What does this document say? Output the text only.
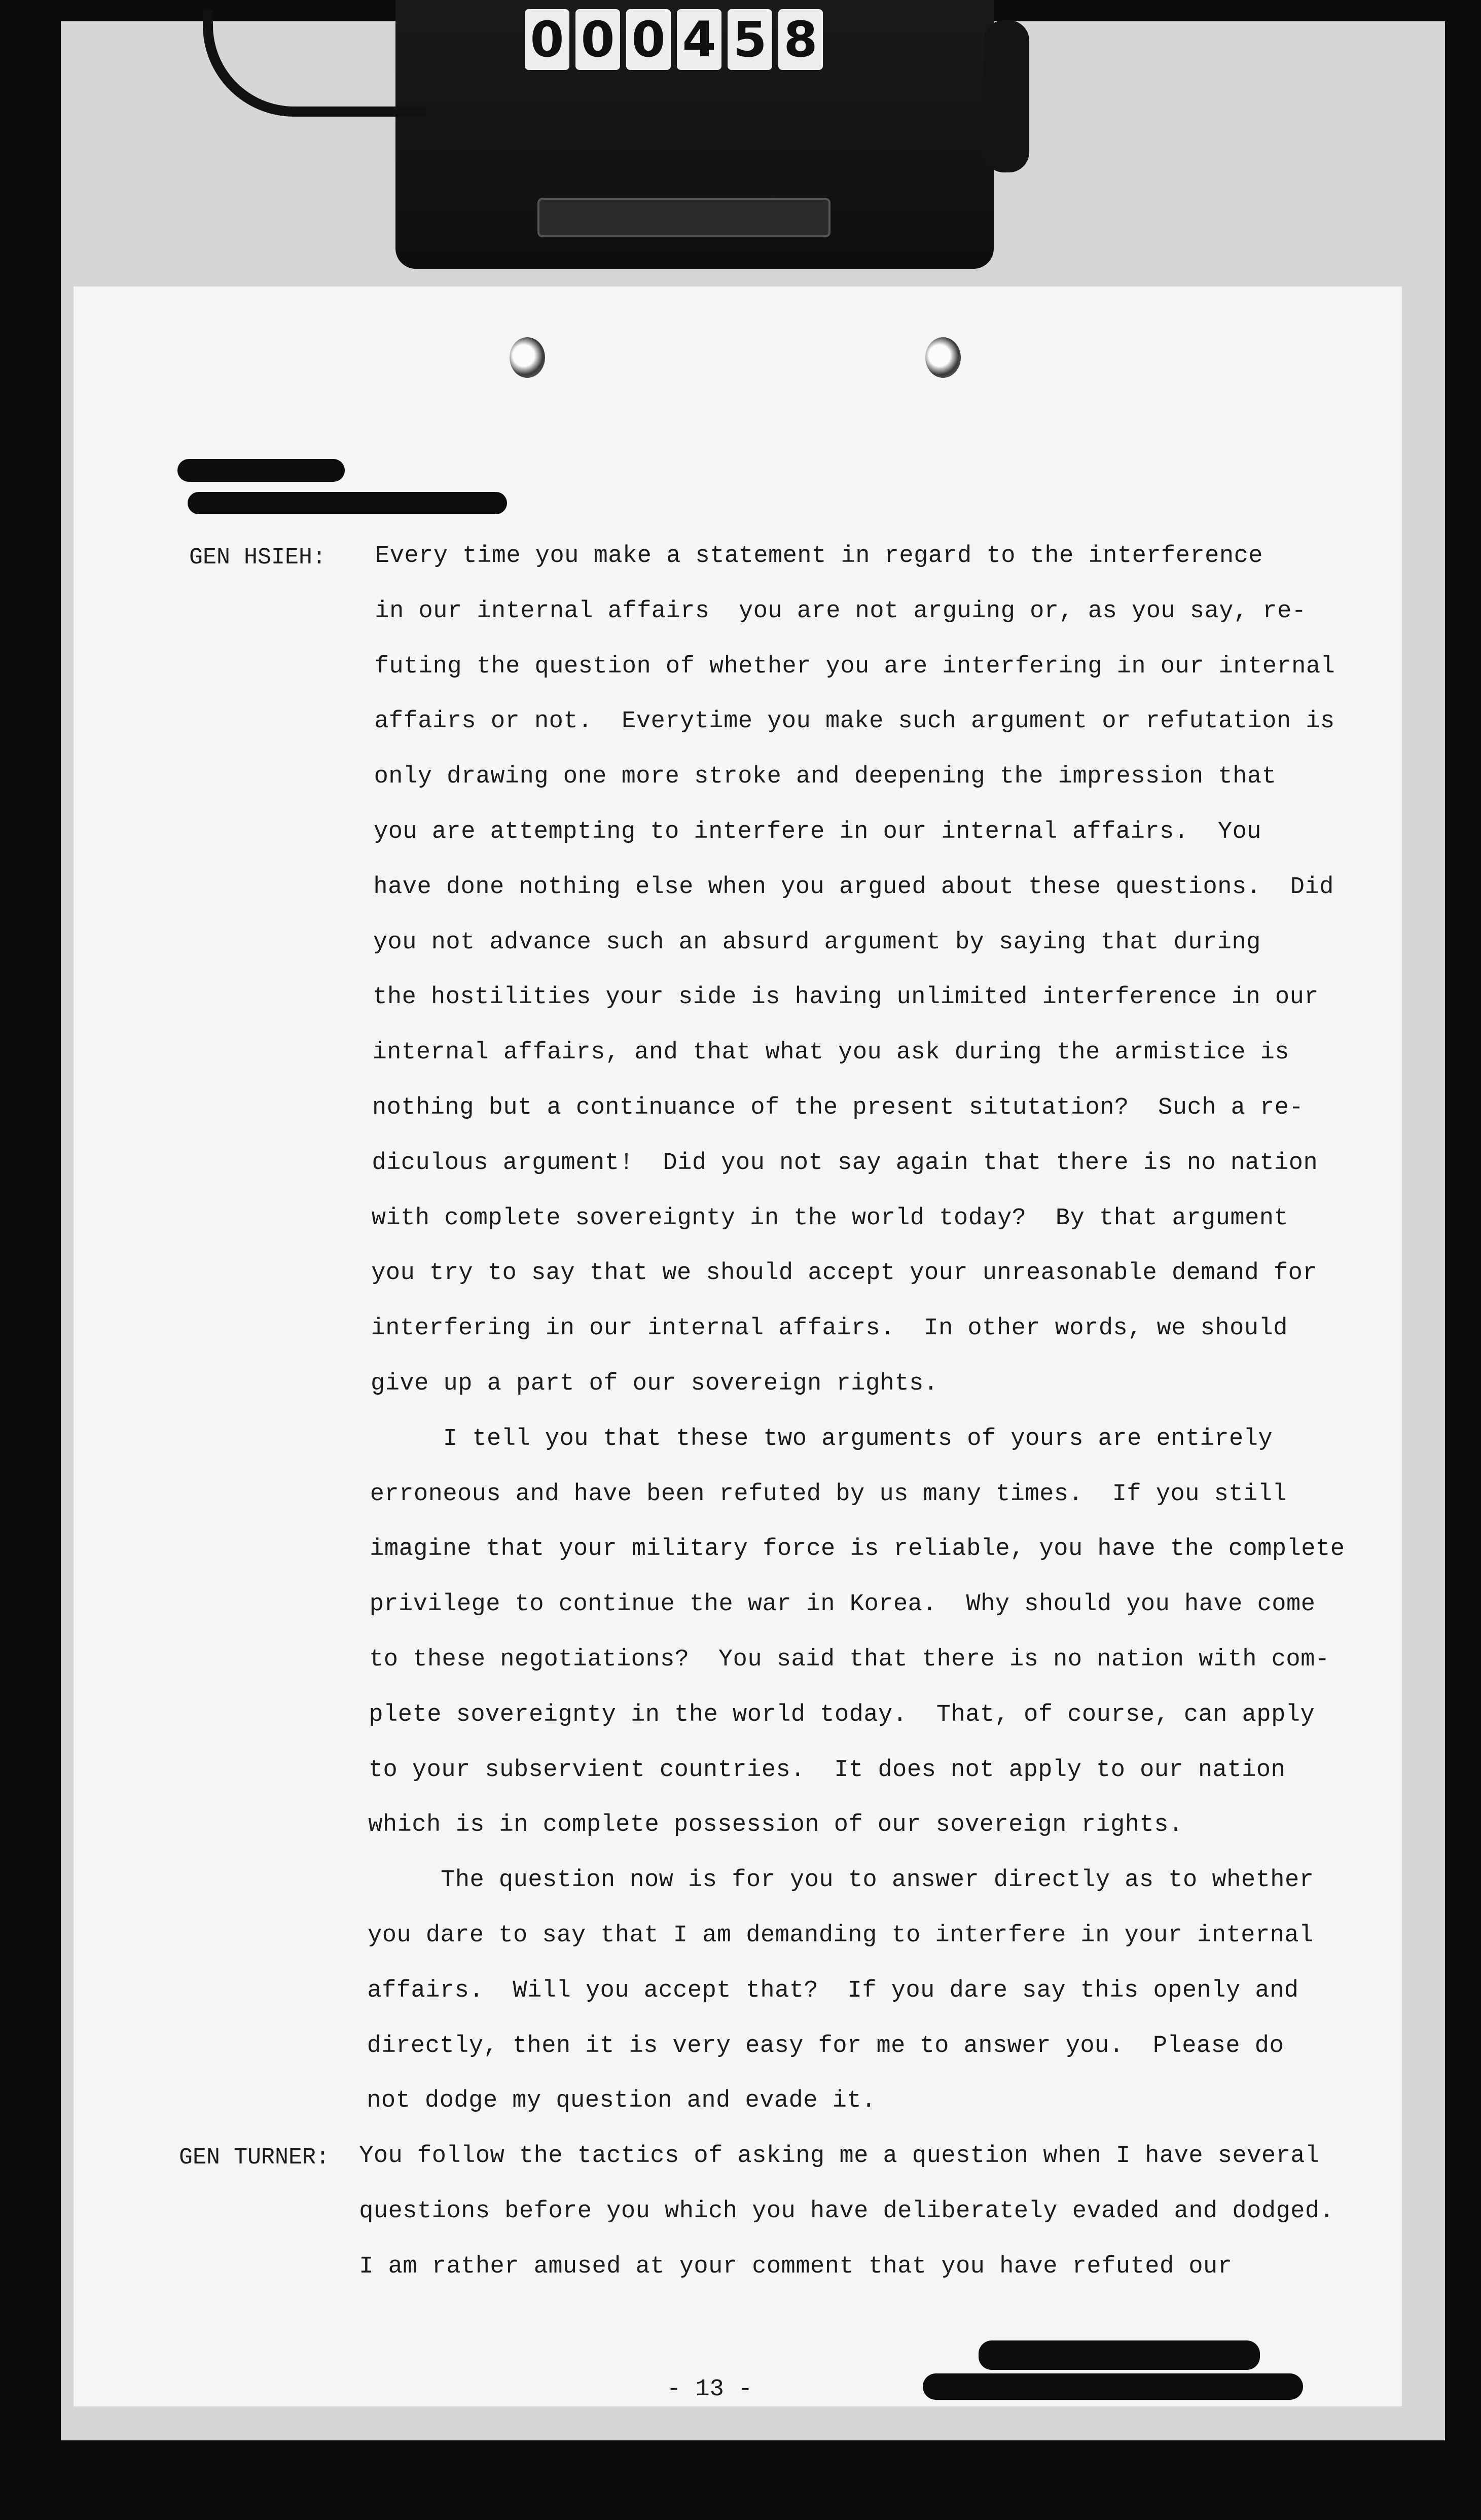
0 0 0 4 5 8
GEN HSIEH: Every time you make a statement in regard to the interference
in our internal affairs  you are not arguing or, as you say, re-
futing the question of whether you are interfering in our internal
affairs or not.  Everytime you make such argument or refutation is
only drawing one more stroke and deepening the impression that
you are attempting to interfere in our internal affairs.  You
have done nothing else when you argued about these questions.  Did
you not advance such an absurd argument by saying that during
the hostilities your side is having unlimited interference in our
internal affairs, and that what you ask during the armistice is
nothing but a continuance of the present situtation?  Such a re-
diculous argument!  Did you not say again that there is no nation
with complete sovereignty in the world today?  By that argument
you try to say that we should accept your unreasonable demand for
interfering in our internal affairs.  In other words, we should
give up a part of our sovereign rights.
I tell you that these two arguments of yours are entirely
erroneous and have been refuted by us many times.  If you still
imagine that your military force is reliable, you have the complete
privilege to continue the war in Korea.  Why should you have come
to these negotiations?  You said that there is no nation with com-
plete sovereignty in the world today.  That, of course, can apply
to your subservient countries.  It does not apply to our nation
which is in complete possession of our sovereign rights.
The question now is for you to answer directly as to whether
you dare to say that I am demanding to interfere in your internal
affairs.  Will you accept that?  If you dare say this openly and
directly, then it is very easy for me to answer you.  Please do
not dodge my question and evade it.
GEN TURNER: You follow the tactics of asking me a question when I have several
questions before you which you have deliberately evaded and dodged.
I am rather amused at your comment that you have refuted our
- 13 -
